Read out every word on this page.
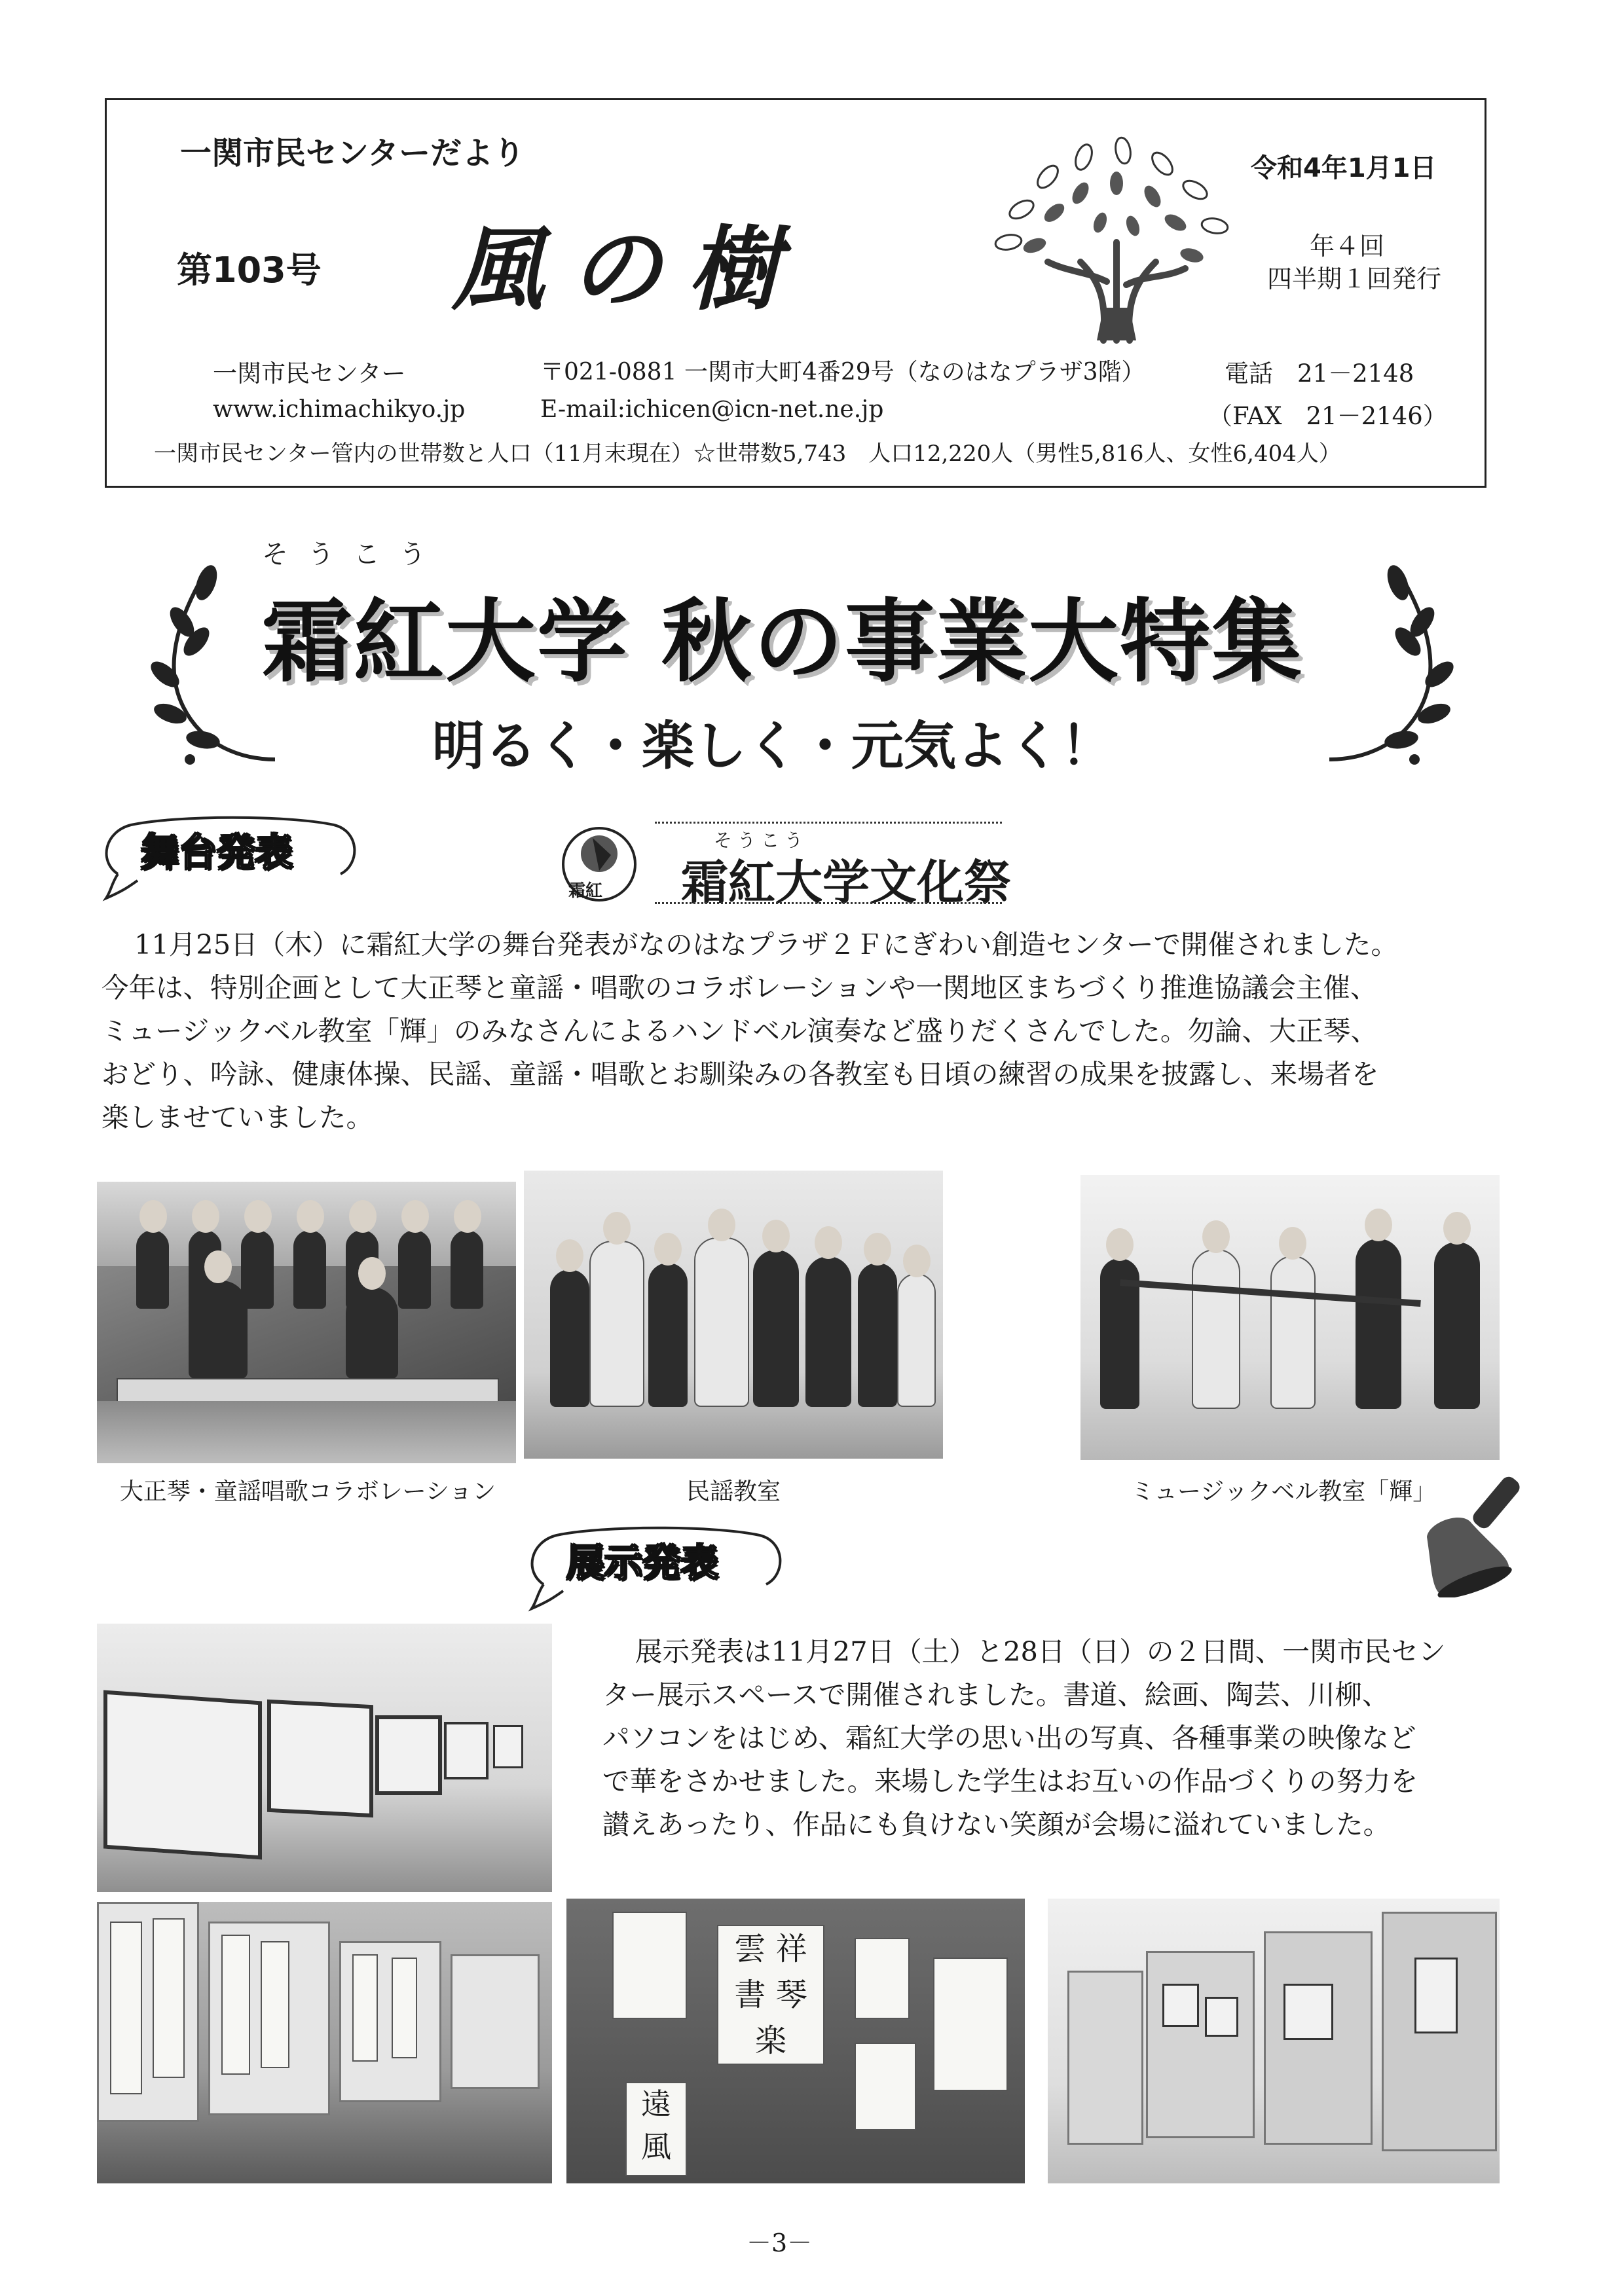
一関市民センターだより
第103号 風の樹
令和4年1月1日
年４回
四半期１回発行
一関市民センター	〒021-0881 一関市大町4番29号（なのはなプラザ3階）	電話　21－2148
www.ichimachikyo.jp	E-mail:ichicen@icn-net.ne.jp	（FAX　21－2146）
一関市民センター管内の世帯数と人口（11月末現在）☆世帯数5,743　人口12,220人（男性5,816人、女性6,404人）
そうこう
霜紅大学 秋の事業大特集
明るく・楽しく・元気よく！
舞台発表
霜紅
そうこう
霜紅大学文化祭
11月25日（木）に霜紅大学の舞台発表がなのはなプラザ２Ｆにぎわい創造センターで開催されました。
今年は、特別企画として大正琴と童謡・唱歌のコラボレーションや一関地区まちづくり推進協議会主催、
ミュージックベル教室「輝」のみなさんによるハンドベル演奏など盛りだくさんでした。勿論、大正琴、
おどり、吟詠、健康体操、民謡、童謡・唱歌とお馴染みの各教室も日頃の練習の成果を披露し、来場者を
楽しませていました。
大正琴・童謡唱歌コラボレーション	民謡教室	ミュージックベル教室「輝」
展示発表
展示発表は11月27日（土）と28日（日）の２日間、一関市民セン
ター展示スペースで開催されました。書道、絵画、陶芸、川柳、
パソコンをはじめ、霜紅大学の思い出の写真、各種事業の映像など
で華をさかせました。来場した学生はお互いの作品づくりの努力を
讃えあったり、作品にも負けない笑顔が会場に溢れていました。
雲 祥
書 琴 楽
遠
風
－3－
